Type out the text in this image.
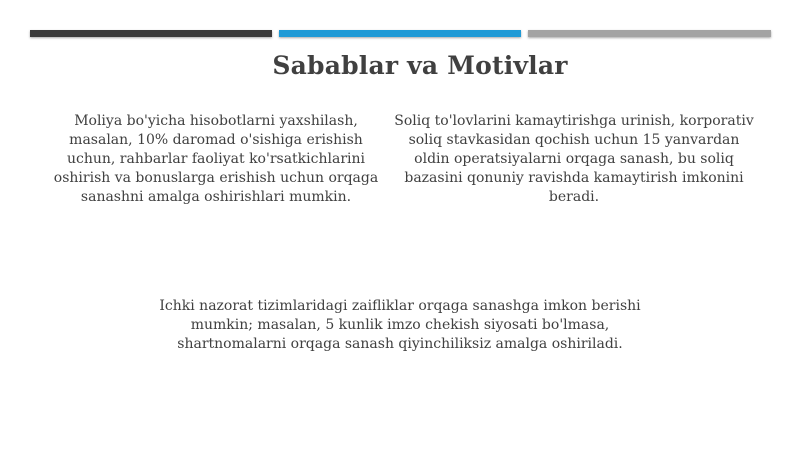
Sabablar va Motivlar
Moliya bo'yicha hisobotlarni yaxshilash, masalan, 10% daromad o'sishiga erishish uchun, rahbarlar faoliyat ko'rsatkichlarini oshirish va bonuslarga erishish uchun orqaga sanashni amalga oshirishlari mumkin.
Soliq to'lovlarini kamaytirishga urinish, korporativ soliq stavkasidan qochish uchun 15 yanvardan oldin operatsiyalarni orqaga sanash, bu soliq bazasini qonuniy ravishda kamaytirish imkonini beradi.
Ichki nazorat tizimlaridagi zaifliklar orqaga sanashga imkon berishi mumkin; masalan, 5 kunlik imzo chekish siyosati bo'lmasa, shartnomalarni orqaga sanash qiyinchiliksiz amalga oshiriladi.
